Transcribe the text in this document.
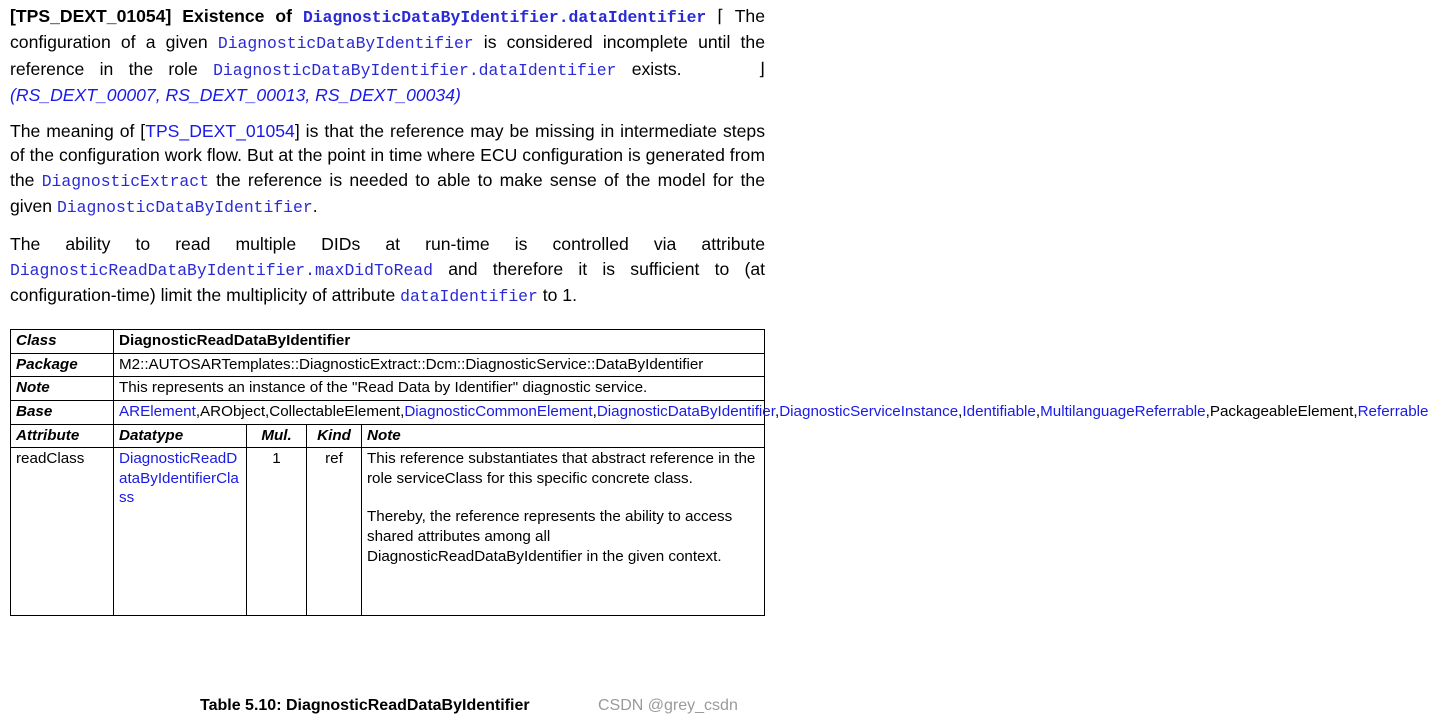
[TPS_DEXT_01054] Existence of DiagnosticDataByIdentifier.dataIdentifier ⌈ The configuration of a given DiagnosticDataByIdentifier is considered incomplete until the reference in the role DiagnosticDataByIdentifier.dataIdentifier exists.	⌋(RS_DEXT_00007, RS_DEXT_00013, RS_DEXT_00034)

The meaning of [TPS_DEXT_01054] is that the reference may be missing in intermediate steps of the configuration work flow. But at the point in time where ECU configuration is generated from the DiagnosticExtract the reference is needed to able to make sense of the model for the given DiagnosticDataByIdentifier.

The ability to read multiple DIDs at run-time is controlled via attribute DiagnosticReadDataByIdentifier.maxDidToRead and therefore it is sufficient to (at configuration-time) limit the multiplicity of attribute dataIdentifier to 1.

Class	DiagnosticReadDataByIdentifier			
Package	M2::AUTOSARTemplates::DiagnosticExtract::Dcm::DiagnosticService::DataByIdentifier			

Note	This represents an instance of the "Read Data by Identifier" diagnostic service.			
Base	ARElement,ARObject,CollectableElement,DiagnosticCommonElement,DiagnosticDataByIdentifier,DiagnosticServiceInstance,Identifiable,MultilanguageReferrable,PackageableElement,Referrable			

Attribute	Datatype	Mul.	Kind	Note
readClass	DiagnosticReadDataByIdentifierClass	1	ref	This reference substantiates that abstract reference in the role serviceClass for this specific concrete class.
Thereby, the reference represents the ability to access shared attributes among all DiagnosticReadDataByIdentifier in the given context.
Table 5.10: DiagnosticReadDataByIdentifier	CSDN @grey_csdn
